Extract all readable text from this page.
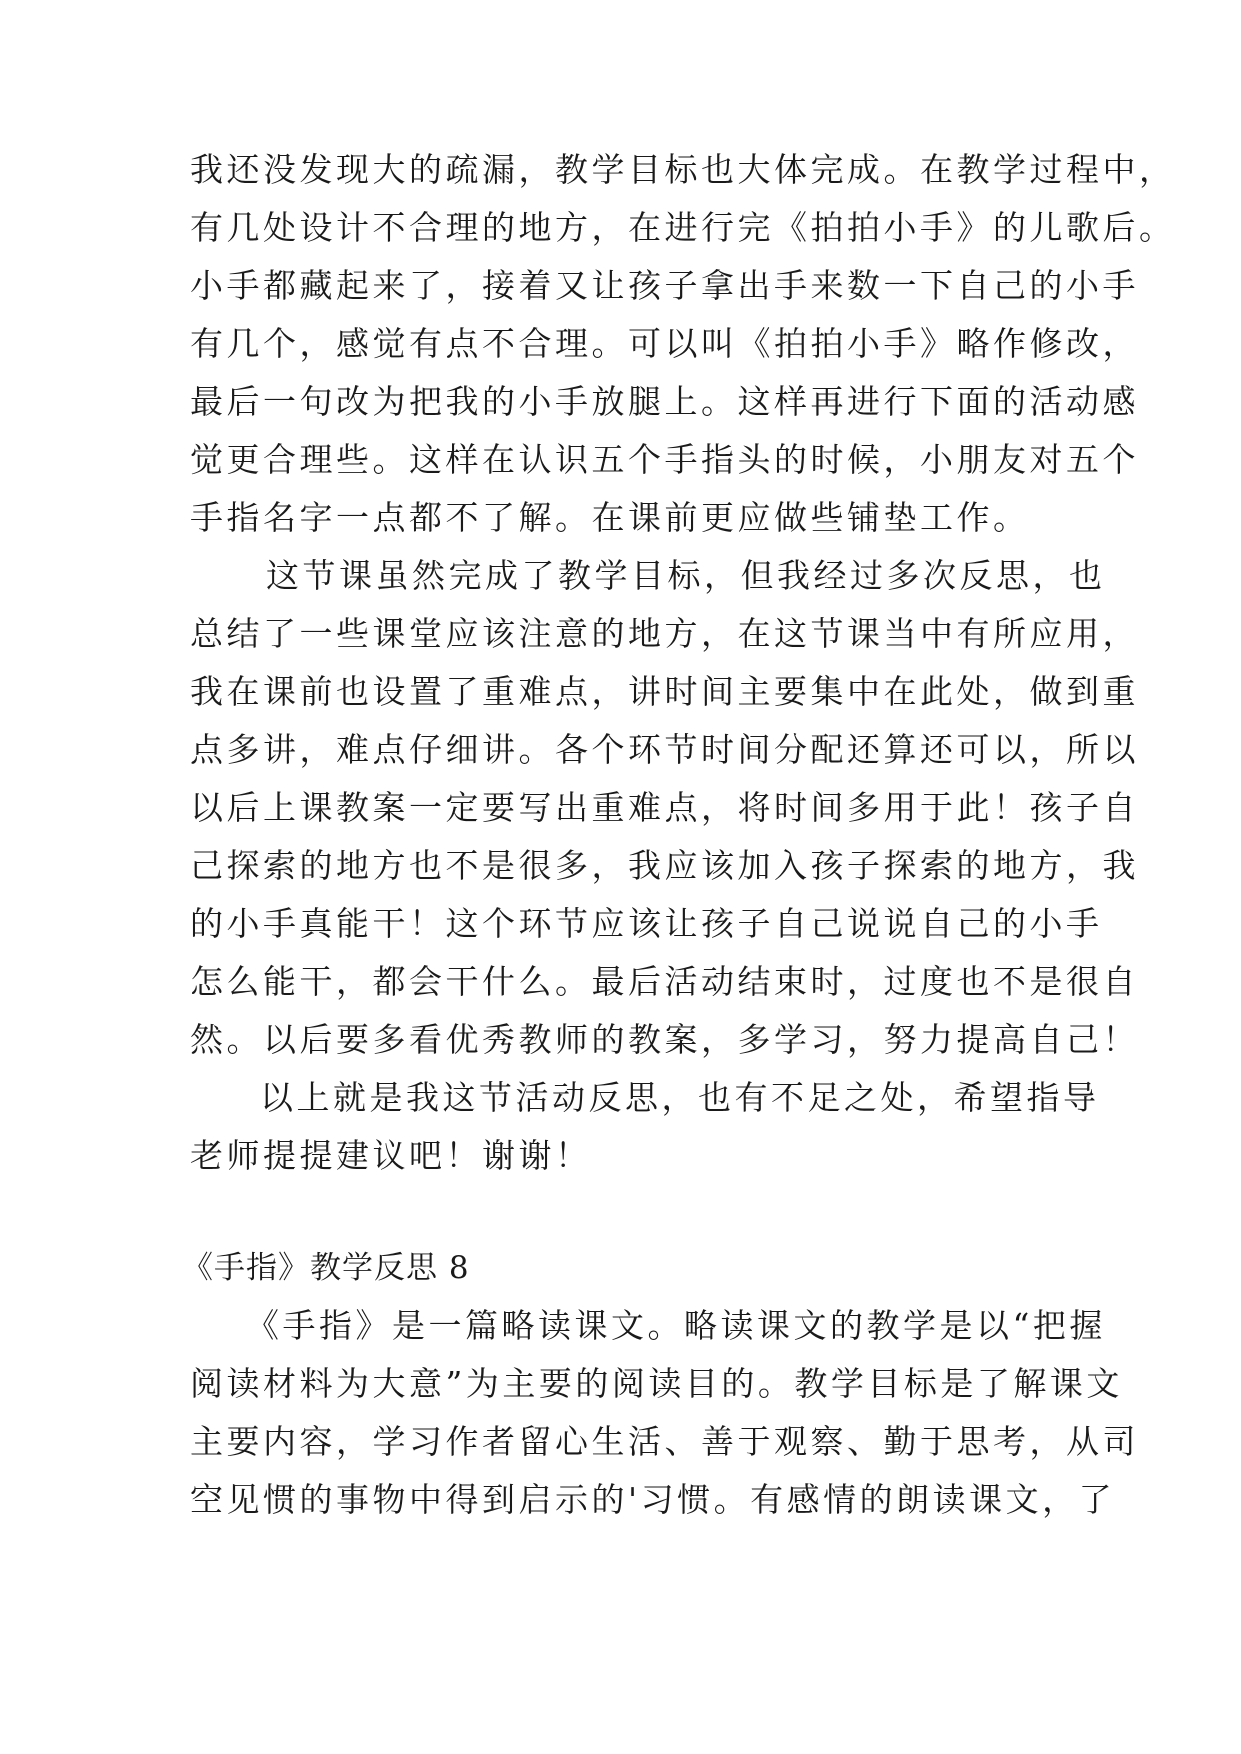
我还没发现大的疏漏，教学目标也大体完成。在教学过程中，
有几处设计不合理的地方，在进行完《拍拍小手》的儿歌后。
小手都藏起来了，接着又让孩子拿出手来数一下自己的小手
有几个，感觉有点不合理。可以叫《拍拍小手》略作修改，
最后一句改为把我的小手放腿上。这样再进行下面的活动感
觉更合理些。这样在认识五个手指头的时候，小朋友对五个
手指名字一点都不了解。在课前更应做些铺垫工作。
这节课虽然完成了教学目标，但我经过多次反思，也
总结了一些课堂应该注意的地方，在这节课当中有所应用，
我在课前也设置了重难点，讲时间主要集中在此处，做到重
点多讲，难点仔细讲。各个环节时间分配还算还可以，所以
以后上课教案一定要写出重难点，将时间多用于此！孩子自
己探索的地方也不是很多，我应该加入孩子探索的地方，我
的小手真能干！这个环节应该让孩子自己说说自己的小手
怎么能干，都会干什么。最后活动结束时，过度也不是很自
然。以后要多看优秀教师的教案，多学习，努力提高自己！
以上就是我这节活动反思，也有不足之处，希望指导
老师提提建议吧！谢谢！
《手指》教学反思 8
《手指》是一篇略读课文。略读课文的教学是以“把握
阅读材料为大意”为主要的阅读目的。教学目标是了解课文
主要内容，学习作者留心生活、善于观察、勤于思考，从司
空见惯的事物中得到启示的'习惯。有感情的朗读课文，了
